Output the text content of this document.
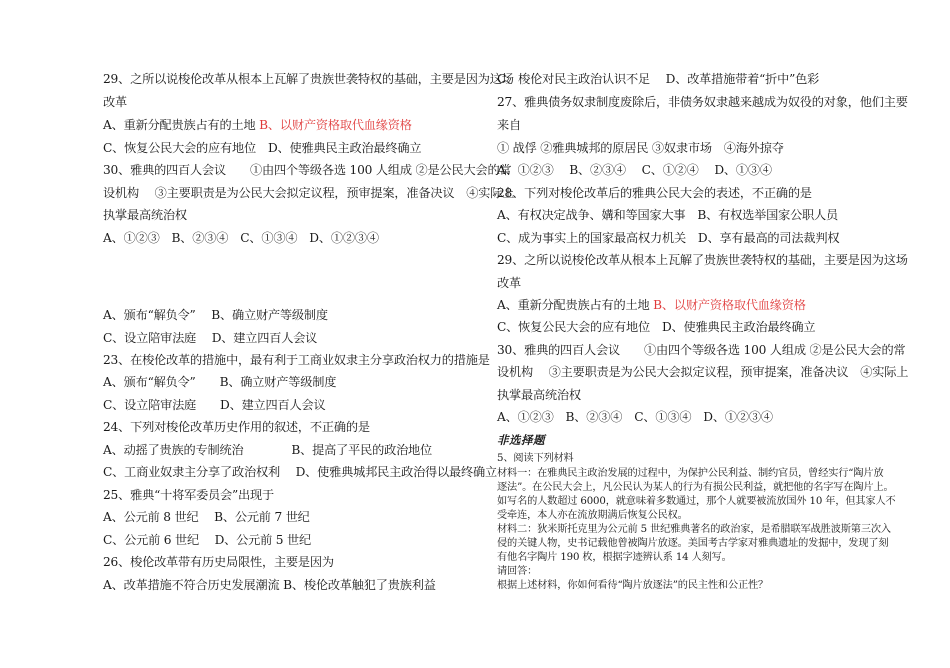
29、之所以说梭伦改革从根本上瓦解了贵族世袭特权的基础，主要是因为这场
改革
A、重新分配贵族占有的土地 B、以财产资格取代血缘资格
C、恢复公民大会的应有地位　D、使雅典民主政治最终确立
30、雅典的四百人会议　　①由四个等级各选 100 人组成 ②是公民大会的常
设机构　 ③主要职责是为公民大会拟定议程，预审提案，准备决议　④实际上
执掌最高统治权
A、①②③　B、②③④　C、①③④　D、①②③④
A、颁布“解负令”　 B、确立财产等级制度
C、设立陪审法庭　 D、建立四百人会议
23、在梭伦改革的措施中，最有利于工商业奴隶主分享政治权力的措施是
A、颁布“解负令”　　B、确立财产等级制度
C、设立陪审法庭　　D、建立四百人会议
24、下列对梭伦改革历史作用的叙述，不正确的是
A、动摇了贵族的专制统治　　　　B、提高了平民的政治地位
C、工商业奴隶主分享了政治权利　 D、使雅典城邦民主政治得以最终确立
25、雅典“十将军委员会”出现于
A、公元前 8 世纪　 B、公元前 7 世纪
C、公元前 6 世纪　 D、公元前 5 世纪
26、梭伦改革带有历史局限性，主要是因为
A、改革措施不符合历史发展潮流 B、梭伦改革触犯了贵族利益
C、梭伦对民主政治认识不足　 D、改革措施带着“折中”色彩
27、雅典债务奴隶制度废除后，非债务奴隶越来越成为奴役的对象，他们主要
来自
① 战俘 ②雅典城邦的原居民 ③奴隶市场　④海外掠夺
A、①②③　 B、②③④　 C、①②④　 D、①③④
28、下列对梭伦改革后的雅典公民大会的表述，不正确的是
A、有权决定战争、媾和等国家大事　B、有权选举国家公职人员
C、成为事实上的国家最高权力机关　D、享有最高的司法裁判权
29、之所以说梭伦改革从根本上瓦解了贵族世袭特权的基础，主要是因为这场
改革
A、重新分配贵族占有的土地 B、以财产资格取代血缘资格
C、恢复公民大会的应有地位　D、使雅典民主政治最终确立
30、雅典的四百人会议　　①由四个等级各选 100 人组成 ②是公民大会的常
设机构　 ③主要职责是为公民大会拟定议程，预审提案，准备决议　④实际上
执掌最高统治权
A、①②③　B、②③④　C、①③④　D、①②③④
非选择题
5、阅读下列材料
材料一：在雅典民主政治发展的过程中，为保护公民利益、制约官员，曾经实行“陶片放
逐法”。在公民大会上，凡公民认为某人的行为有损公民利益，就把他的名字写在陶片上。
如写名的人数超过 6000，就意味着多数通过，那个人就要被流放国外 10 年，但其家人不
受牵连，本人亦在流放期满后恢复公民权。
材料二：狄米斯托克里为公元前 5 世纪雅典著名的政治家，是希腊联军战胜波斯第三次入
侵的关键人物，史书记载他曾被陶片放逐。美国考古学家对雅典遗址的发掘中，发现了刻
有他名字陶片 190 枚，根据字迹辨认系 14 人刻写。
请回答：
根据上述材料，你如何看待“陶片放逐法”的民主性和公正性？
